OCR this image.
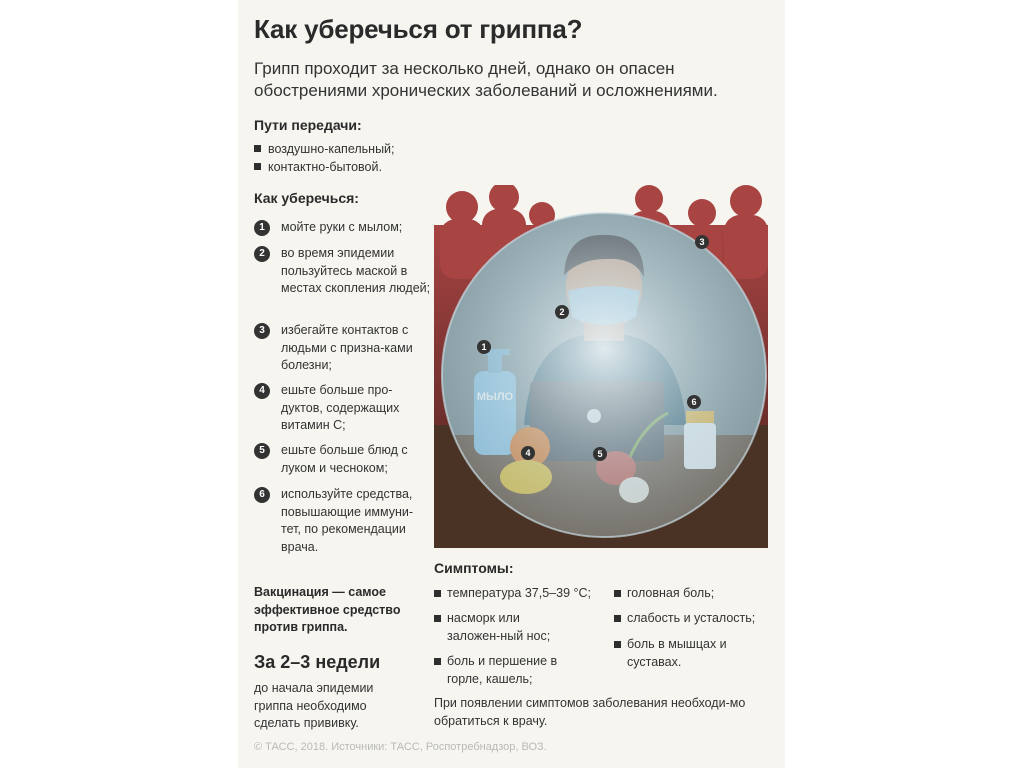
Как уберечься от гриппа?
Грипп проходит за несколько дней, однако он опасен обострениями хронических заболеваний и осложнениями.
Пути передачи:
воздушно-капельный;
контактно-бытовой.
Как уберечься:
1	мойте руки с мылом;
2	во время эпидемии пользуйтесь маской в местах скопления людей;
3	избегайте контактов с людьми с призна-ками болезни;
4	ешьте больше про-дуктов, содержащих витамин С;
5	ешьте больше блюд с луком и чесноком;
6	используйте средства, повышающие иммуни-тет, по рекомендации врача.
Вакцинация — самое эффективное средство против гриппа.
За 2–3 недели
до начала эпидемии гриппа необходимо сделать прививку.
1
2
3
4	5
6
Симптомы:
температура 37,5–39 °С;
насморк или заложен-ный нос;
боль и першение в горле, кашель;
головная боль;
слабость и усталость;
боль в мышцах и суставах.
При появлении симптомов заболевания необходи-мо обратиться к врачу.
© ТАСС, 2018. Источники: ТАСС, Роспотребнадзор, ВОЗ.
